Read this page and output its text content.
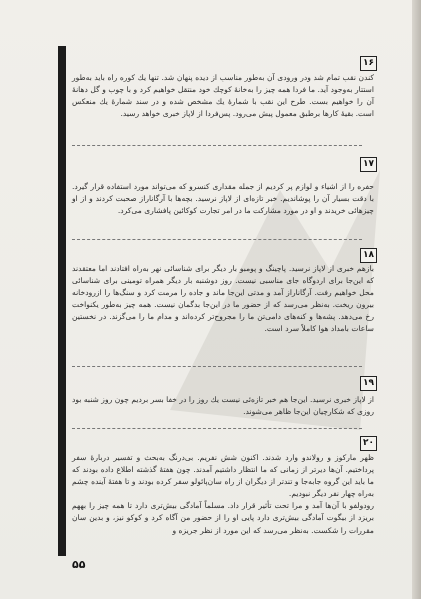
۱۶

کندن نقب تمام شد ودر ورودی آن به‌طور مناسب از دیده پنهان شد. تنها یك کوره راه باید به‌طور استتار به‌وجود آید. ما فردا همه چیز را به‌خانهٔ کوچك خود منتقل خواهیم کرد و با چوب و گل دهانهٔ آن را خواهیم بست. طرح این نقب با شمارهٔ یك مشخص شده و در سند شمارهٔ یك منعکس است. بقیهٔ کارها برطبق معمول پیش می‌رود. پس‌فردا از لاپاز خبری خواهد رسید.

۱۷

حفره را از اشیاء و لوازم پر کردیم از جمله مقداری کنسرو که می‌تواند مورد استفاده قرار گیرد. با دقت بسیار آن را پوشاندیم. خبر تازه‌ای از لاپاز نرسید. بچه‌ها با آرگاناراز صحبت کردند و از او چیزهائی خریدند و او در مورد مشارکت ما در امر تجارت کوکائین پافشاری می‌کرد.

۱۸

بازهم خبری از لاپاز نرسید. پاچینگ و پومبو بار دیگر برای شناسائی نهر به‌راه افتادند اما معتقدند که این‌جا برای اردوگاه جای مناسبی نیست. روز دوشنبه بار دیگر همراه تومینی برای شناسائی محل خواهیم رفت. آرگاناراز آمد و مدتی این‌جا ماند و جاده را مرمت کرد و سنگ‌ها را ازرودخانه بیرون ریخت. به‌نظر می‌رسد که از حضور ما در این‌جا بدگمان نیست. همه چیز به‌طور یکنواخت رخ می‌دهد. پشه‌ها و کنه‌های دامی‌تن ما را مجروح‌تر کرده‌اند و مدام ما را می‌گزند. در نخستین ساعات بامداد هوا کاملاً سرد است.

۱۹

از لاپاز خبری نرسید. این‌جا هم خبر تازه‌ئی نیست یك روز را در خفا بسر بردیم چون روز شنبه بود روزی که شکارچیان این‌جا ظاهر می‌شوند.

۲۰

ظهر مارکوز و رولاندو وارد شدند. اکنون شش نفریم. بی‌درنگ به‌بحث و تفسیر دربارهٔ سفر پرداختیم. آن‌ها دیرتر از زمانی که ما انتظار داشتیم آمدند. چون هفتهٔ گذشته اطلاع داده بودند که ما باید این گروه جابه‌جا و تندتر از دیگران از راه سان‌پائولو سفر کرده بودند و تا هفتهٔ آینده چشم به‌راه چهار نفر دیگر نبودیم.

رودولفو با آن‌ها آمد و مرا تحت تأثیر قرار داد. مسلماً آمادگی بیش‌تری دارد تا همه چیز را بههم بریزد از بیگوت آمادگی بیش‌تری دارد پایی او را از حضور من آگاه کرد و کوکو نیز، و بدین سان مقررات را شکست. به‌نظر می‌رسد که این مورد از نظر جریزه و

۵۵
